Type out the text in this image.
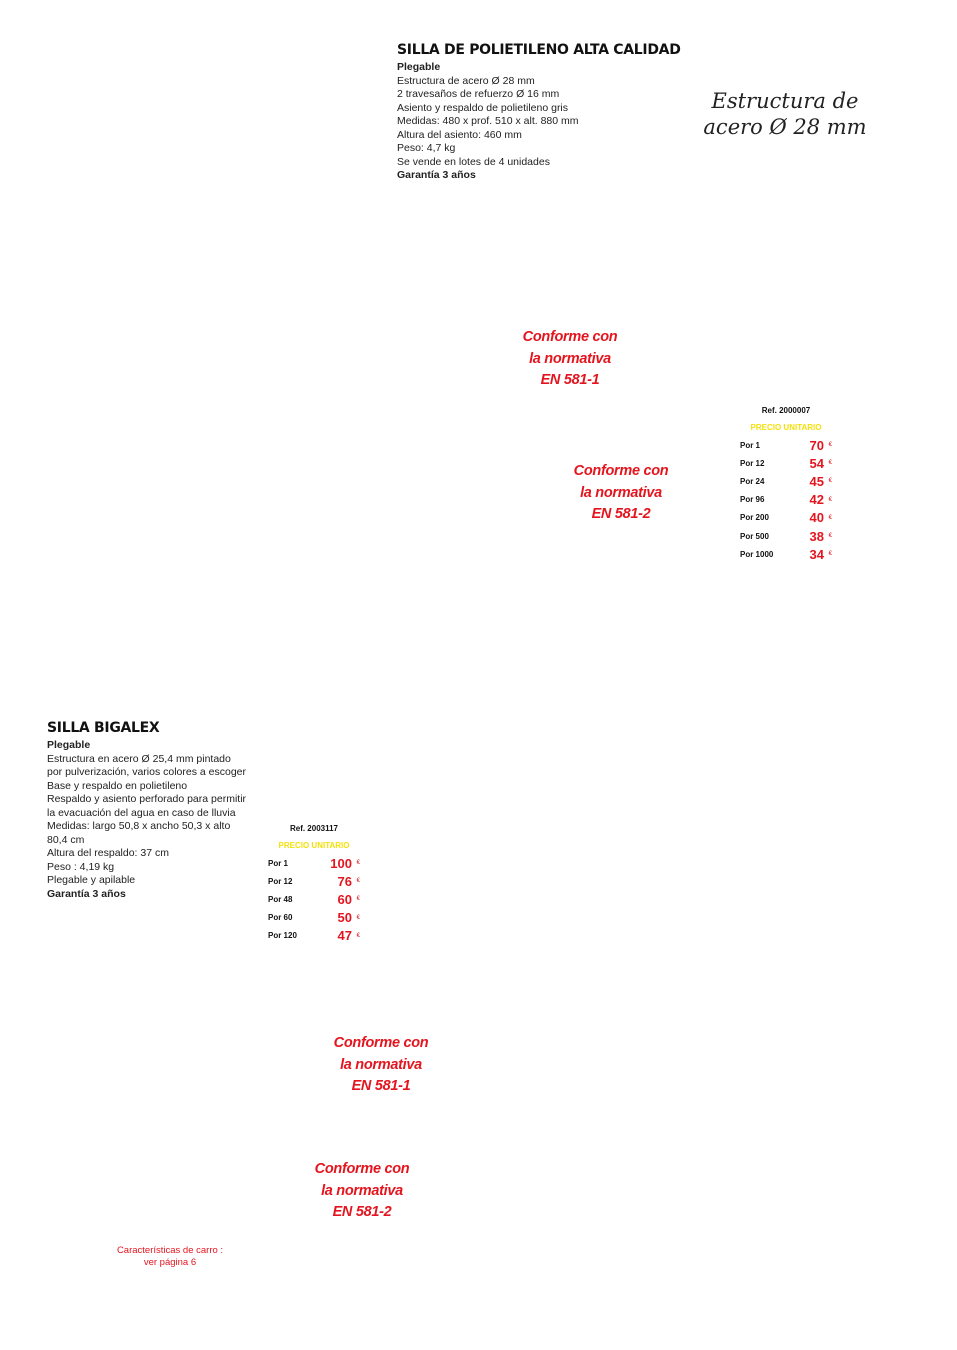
SILLA DE POLIETILENO ALTA CALIDAD
Plegable
Estructura de acero Ø 28 mm
2 travesaños de refuerzo Ø 16 mm
Asiento y respaldo de polietileno gris
Medidas: 480 x prof. 510 x alt. 880 mm
Altura del asiento: 460 mm
Peso: 4,7 kg
Se vende en lotes de 4 unidades
Garantía 3 años
Estructura de
acero Ø 28 mm
Conforme con
la normativa
EN 581-1
Conforme con
la normativa
EN 581-2
Ref. 2000007
PRECIO UNITARIO
Por 1	70 €
Por 12	54 €
Por 24	45 €
Por 96	42 €
Por 200	40 €
Por 500	38 €
Por 1000	34 €
SILLA BIGALEX
Plegable
Estructura en acero Ø 25,4 mm pintado por pulverización, varios colores a escoger
Base y respaldo en polietileno
Respaldo y asiento perforado para permitir la evacuación del agua en caso de lluvia
Medidas: largo 50,8 x ancho 50,3 x alto 80,4 cm
Altura del respaldo: 37 cm
Peso : 4,19 kg
Plegable y apilable
Garantía 3 años
Ref. 2003117
PRECIO UNITARIO
Por 1	100 €
Por 12	76 €
Por 48	60 €
Por 60	50 €
Por 120	47 €
Conforme con
la normativa
EN 581-1
Conforme con
la normativa
EN 581-2
Características de carro :
ver página 6
